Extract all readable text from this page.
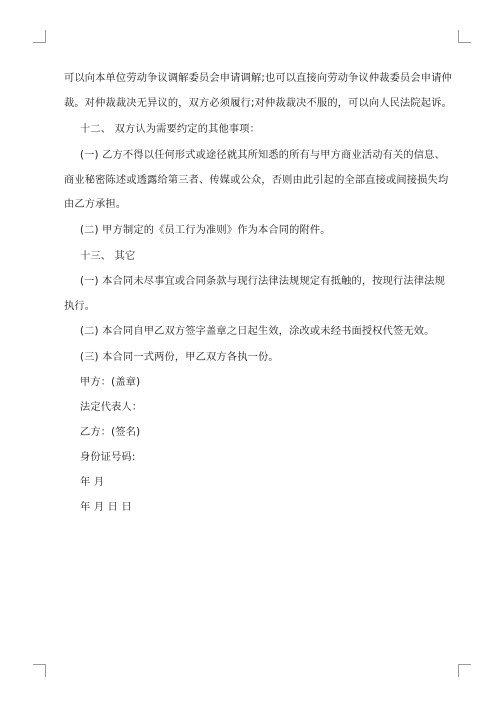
可以向本单位劳动争议调解委员会申请调解;也可以直接向劳动争议仲裁委员会申请仲
裁。对仲裁裁决无异议的，双方必须履行;对仲裁裁决不服的，可以向人民法院起诉。
十二、 双方认为需要约定的其他事项：
(一) 乙方不得以任何形式或途径就其所知悉的所有与甲方商业活动有关的信息、
商业秘密陈述或透露给第三者、传媒或公众，否则由此引起的全部直接或间接损失均
由乙方承担。
(二) 甲方制定的《员工行为准则》作为本合同的附件。
十三、 其它
(一) 本合同未尽事宜或合同条款与现行法律法规规定有抵触的，按现行法律法规
执行。
(二) 本合同自甲乙双方签字盖章之日起生效，涂改或未经书面授权代签无效。
(三) 本合同一式两份，甲乙双方各执一份。
甲方：(盖章)
法定代表人：
乙方：(签名)
身份证号码:
年 月
年 月 日 日
